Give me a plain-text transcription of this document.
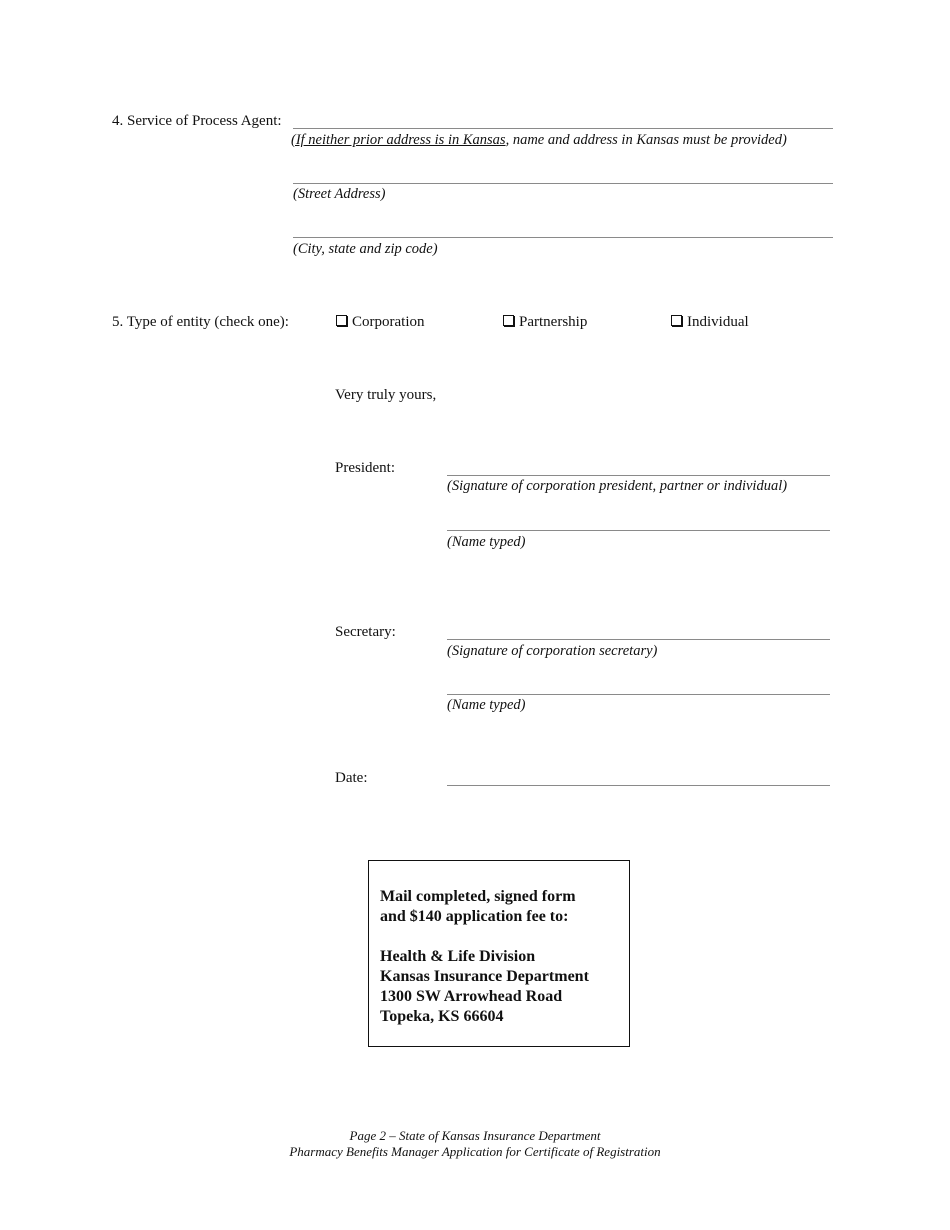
4. Service of Process Agent:
(If neither prior address is in Kansas, name and address in Kansas must be provided)
(Street Address)
(City, state and zip code)
5. Type of entity (check one):	Corporation	Partnership	Individual
Very truly yours,
President:
(Signature of corporation president, partner or individual)
(Name typed)
Secretary:
(Signature of corporation secretary)
(Name typed)
Date:
Mail completed, signed form
and $140 application fee to:
Health & Life Division
Kansas Insurance Department
1300 SW Arrowhead Road
Topeka, KS 66604
Page 2 – State of Kansas Insurance Department
Pharmacy Benefits Manager Application for Certificate of Registration
